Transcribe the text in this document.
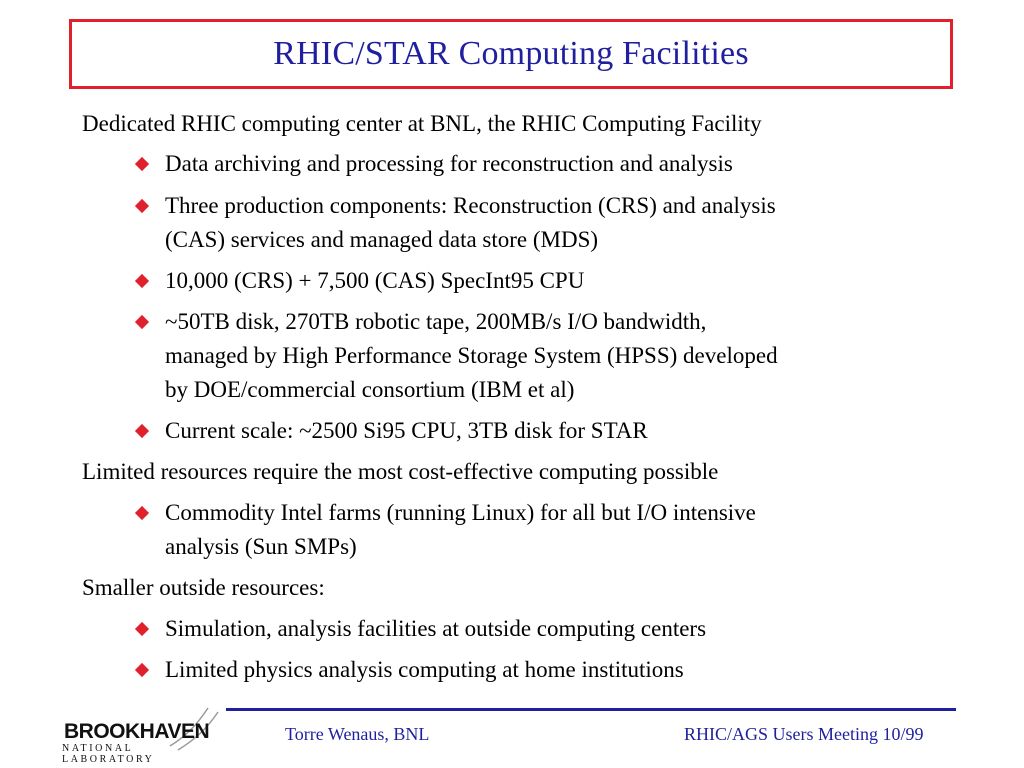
RHIC/STAR Computing Facilities
Dedicated RHIC computing center at BNL, the RHIC Computing Facility
Data archiving and processing for reconstruction and analysis
Three production components: Reconstruction (CRS) and analysis
(CAS) services and managed data store (MDS)
10,000 (CRS) + 7,500 (CAS) SpecInt95 CPU
~50TB disk, 270TB robotic tape, 200MB/s I/O bandwidth,
managed by High Performance Storage System (HPSS) developed
by DOE/commercial consortium (IBM et al)
Current scale: ~2500 Si95 CPU, 3TB disk for STAR
Limited resources require the most cost-effective computing possible
Commodity Intel farms (running Linux) for all but I/O intensive
analysis (Sun SMPs)
Smaller outside resources:
Simulation, analysis facilities at outside computing centers
Limited physics analysis computing at home institutions
BROOKHAVEN
NATIONAL LABORATORY
Torre Wenaus, BNL	RHIC/AGS Users Meeting 10/99
